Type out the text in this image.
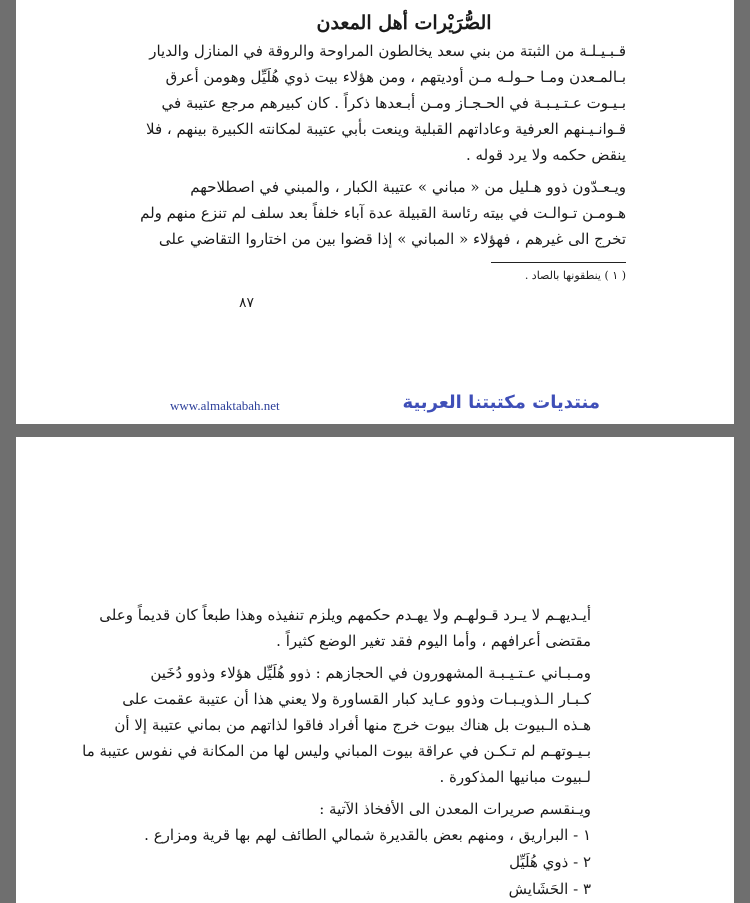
الصُّرَيْرات أهل المعدن
قـبـيـلـة من الثبتة من بني سعد يخالطون المراوحة والروقة في المنازل والديار
بـالمـعدن ومـا حـولـه مـن أوديتهم ، ومن هؤلاء بيت ذوي هُلَيِّل وهومن أعرق
بـيـوت عـتـيـبـة في الحـجـاز ومـن أبـعدها ذكراً . كان كبيرهم مرجع عتيبة في
قـوانـيـنهم العرفية وعاداتهم القبلية وينعت بأبي عتيبة لمكانته الكبيرة بينهم ، فلا
ينقض حكمه ولا يرد قوله .
ويـعـدّون ذوو هـليل من « مباني » عتيبة الكبار ، والمبني في اصطلاحهم
هـومـن تـوالـت في بيته رئاسة القبيلة عدة آباء خلفاً بعد سلف لم تنزع منهم ولم
تخرج الى غيرهم ، فهؤلاء « المباني » إذا قضوا بين من اختاروا التقاضي على
( ١ ) ينطقونها بالصاد .
٨٧
www.almaktabah.net	منتديات مكتبتنا العربية
أيـديهـم لا يـرد قـولهـم ولا يهـدم حكمهم ويلزم تنفيذه وهذا طبعاً كان قديماً وعلى
مقتضى أعرافهم ، وأما اليوم فقد تغير الوضع كثيراً .
ومـبـاني عـتـيـبـة المشهورون في الحجازهم : ذوو هُلَيِّل هؤلاء وذوو دُخَين
كـبـار الـذويـبـات وذوو عـايد كبار القساورة ولا يعني هذا أن عتيبة عقمت على
هـذه الـبيوت بل هناك بيوت خرج منها أفراد فاقوا لذاتهم من بماني عتيبة إلا أن
بـيـوتهـم لم تـكـن في عراقة بيوت المباني وليس لها من المكانة في نفوس عتيبة ما
لـبيوت مبانيها المذكورة .
ويـنقسم صريرات المعدن الى الأفخاذ الآتية :
١ - البراريق ، ومنهم بعض بالقديرة شمالي الطائف لهم بها قرية ومزارع .
٢ - ذوي هُلَيِّل
٣ - الحَشَايش
